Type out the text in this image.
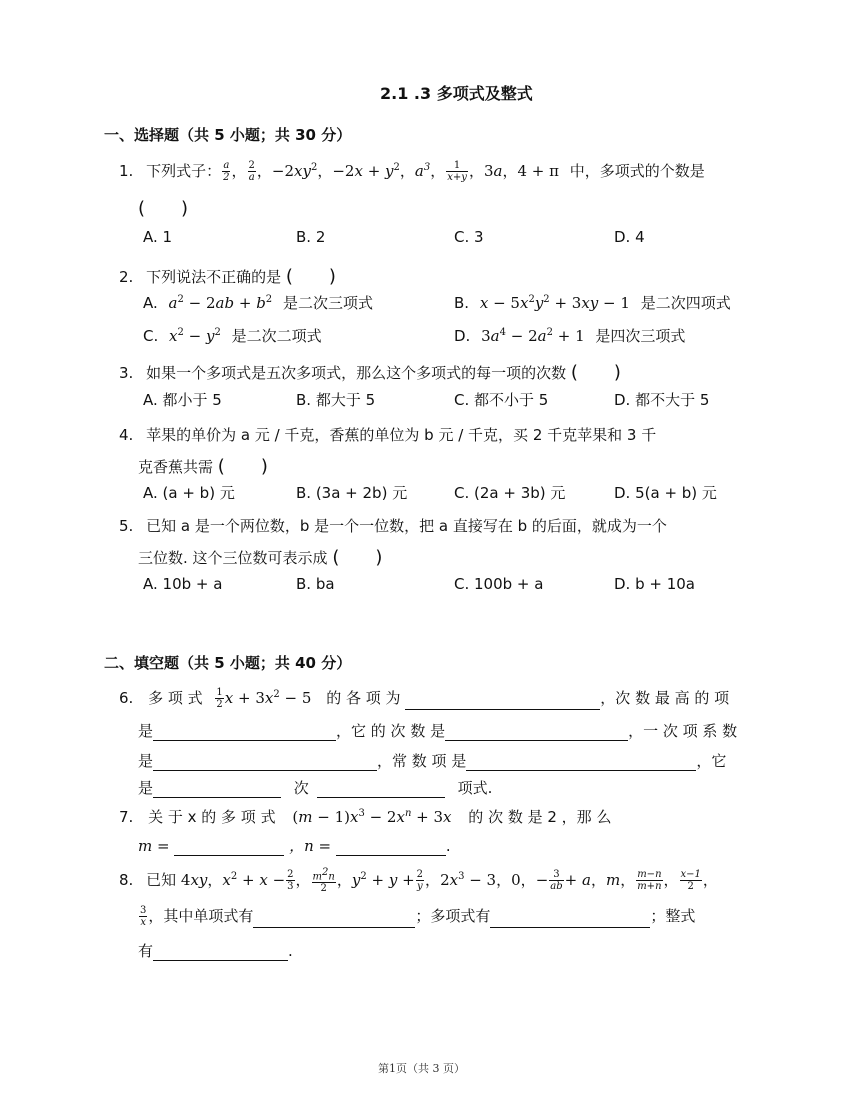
2.1 .3 多项式及整式
一、选择题（共 5 小题；共 30 分）
1. 下列式子： $\frac{a}{2}$ ， $\frac{2}{a}$ ，$-2xy^2$，$-2x + y^2$，$a^3$， $\frac{1}{x+y}$ ，3a，4 + π 中，多项式的个数是
(　　)
A. 1	B. 2	C. 3	D. 4
2. 下列说法不正确的是 (　　)
A. $a^2 - 2ab + b^2$ 是二次三项式	B. $x - 5x^2y^2 + 3xy - 1$ 是二次四项式
C. $x^2 - y^2$ 是二次二项式	D. $3a^4 - 2a^2 + 1$ 是四次三项式
3. 如果一个多项式是五次多项式，那么这个多项式的每一项的次数 (　　)
A. 都小于 5	B. 都大于 5	C. 都不小于 5	D. 都不大于 5
4. 苹果的单价为 a 元 / 千克，香蕉的单位为 b 元 / 千克，买 2 千克苹果和 3 千
克香蕉共需 (　　)
A. (a + b) 元	B. (3a + 2b) 元	C. (2a + 3b) 元	D. 5(a + b) 元
5. 已知 a 是一个两位数，b 是一个一位数，把 a 直接写在 b 的后面，就成为一个
三位数. 这个三位数可表示成 (　　)
A. 10b + a	B. ba	C. 100b + a	D. b + 10a
二、填空题（共 5 小题；共 40 分）
6. 多 项 式 $\frac{1}{2}$ $x + 3x^2 - 5$ 的 各 项 为	，次 数 最 高 的 项
是	，它 的 次 数 是	，一 次 项 系 数
是	，常 数 项 是	，它
是	次	项式.
7. 关 于 x 的 多 项 式 $(m - 1)x^3 - 2x^n + 3x$ 的 次 数 是 2 ，那 么
m =	，n =	.
8. 已知 4xy，$x^2 + x - \frac{2}{3}$ ， $\frac{m^2n}{2}$ ，$y^2 + y + \frac{2}{y}$ ，$2x^3 - 3$，0，− $\frac{3}{ab} + a$，m， $\frac{m-n}{m+n}$ ， $\frac{x-1}{2}$ ，
$\frac{3}{x}$ ，其中单项式有	；多项式有	；整式
有	.
第1页（共 3 页）
